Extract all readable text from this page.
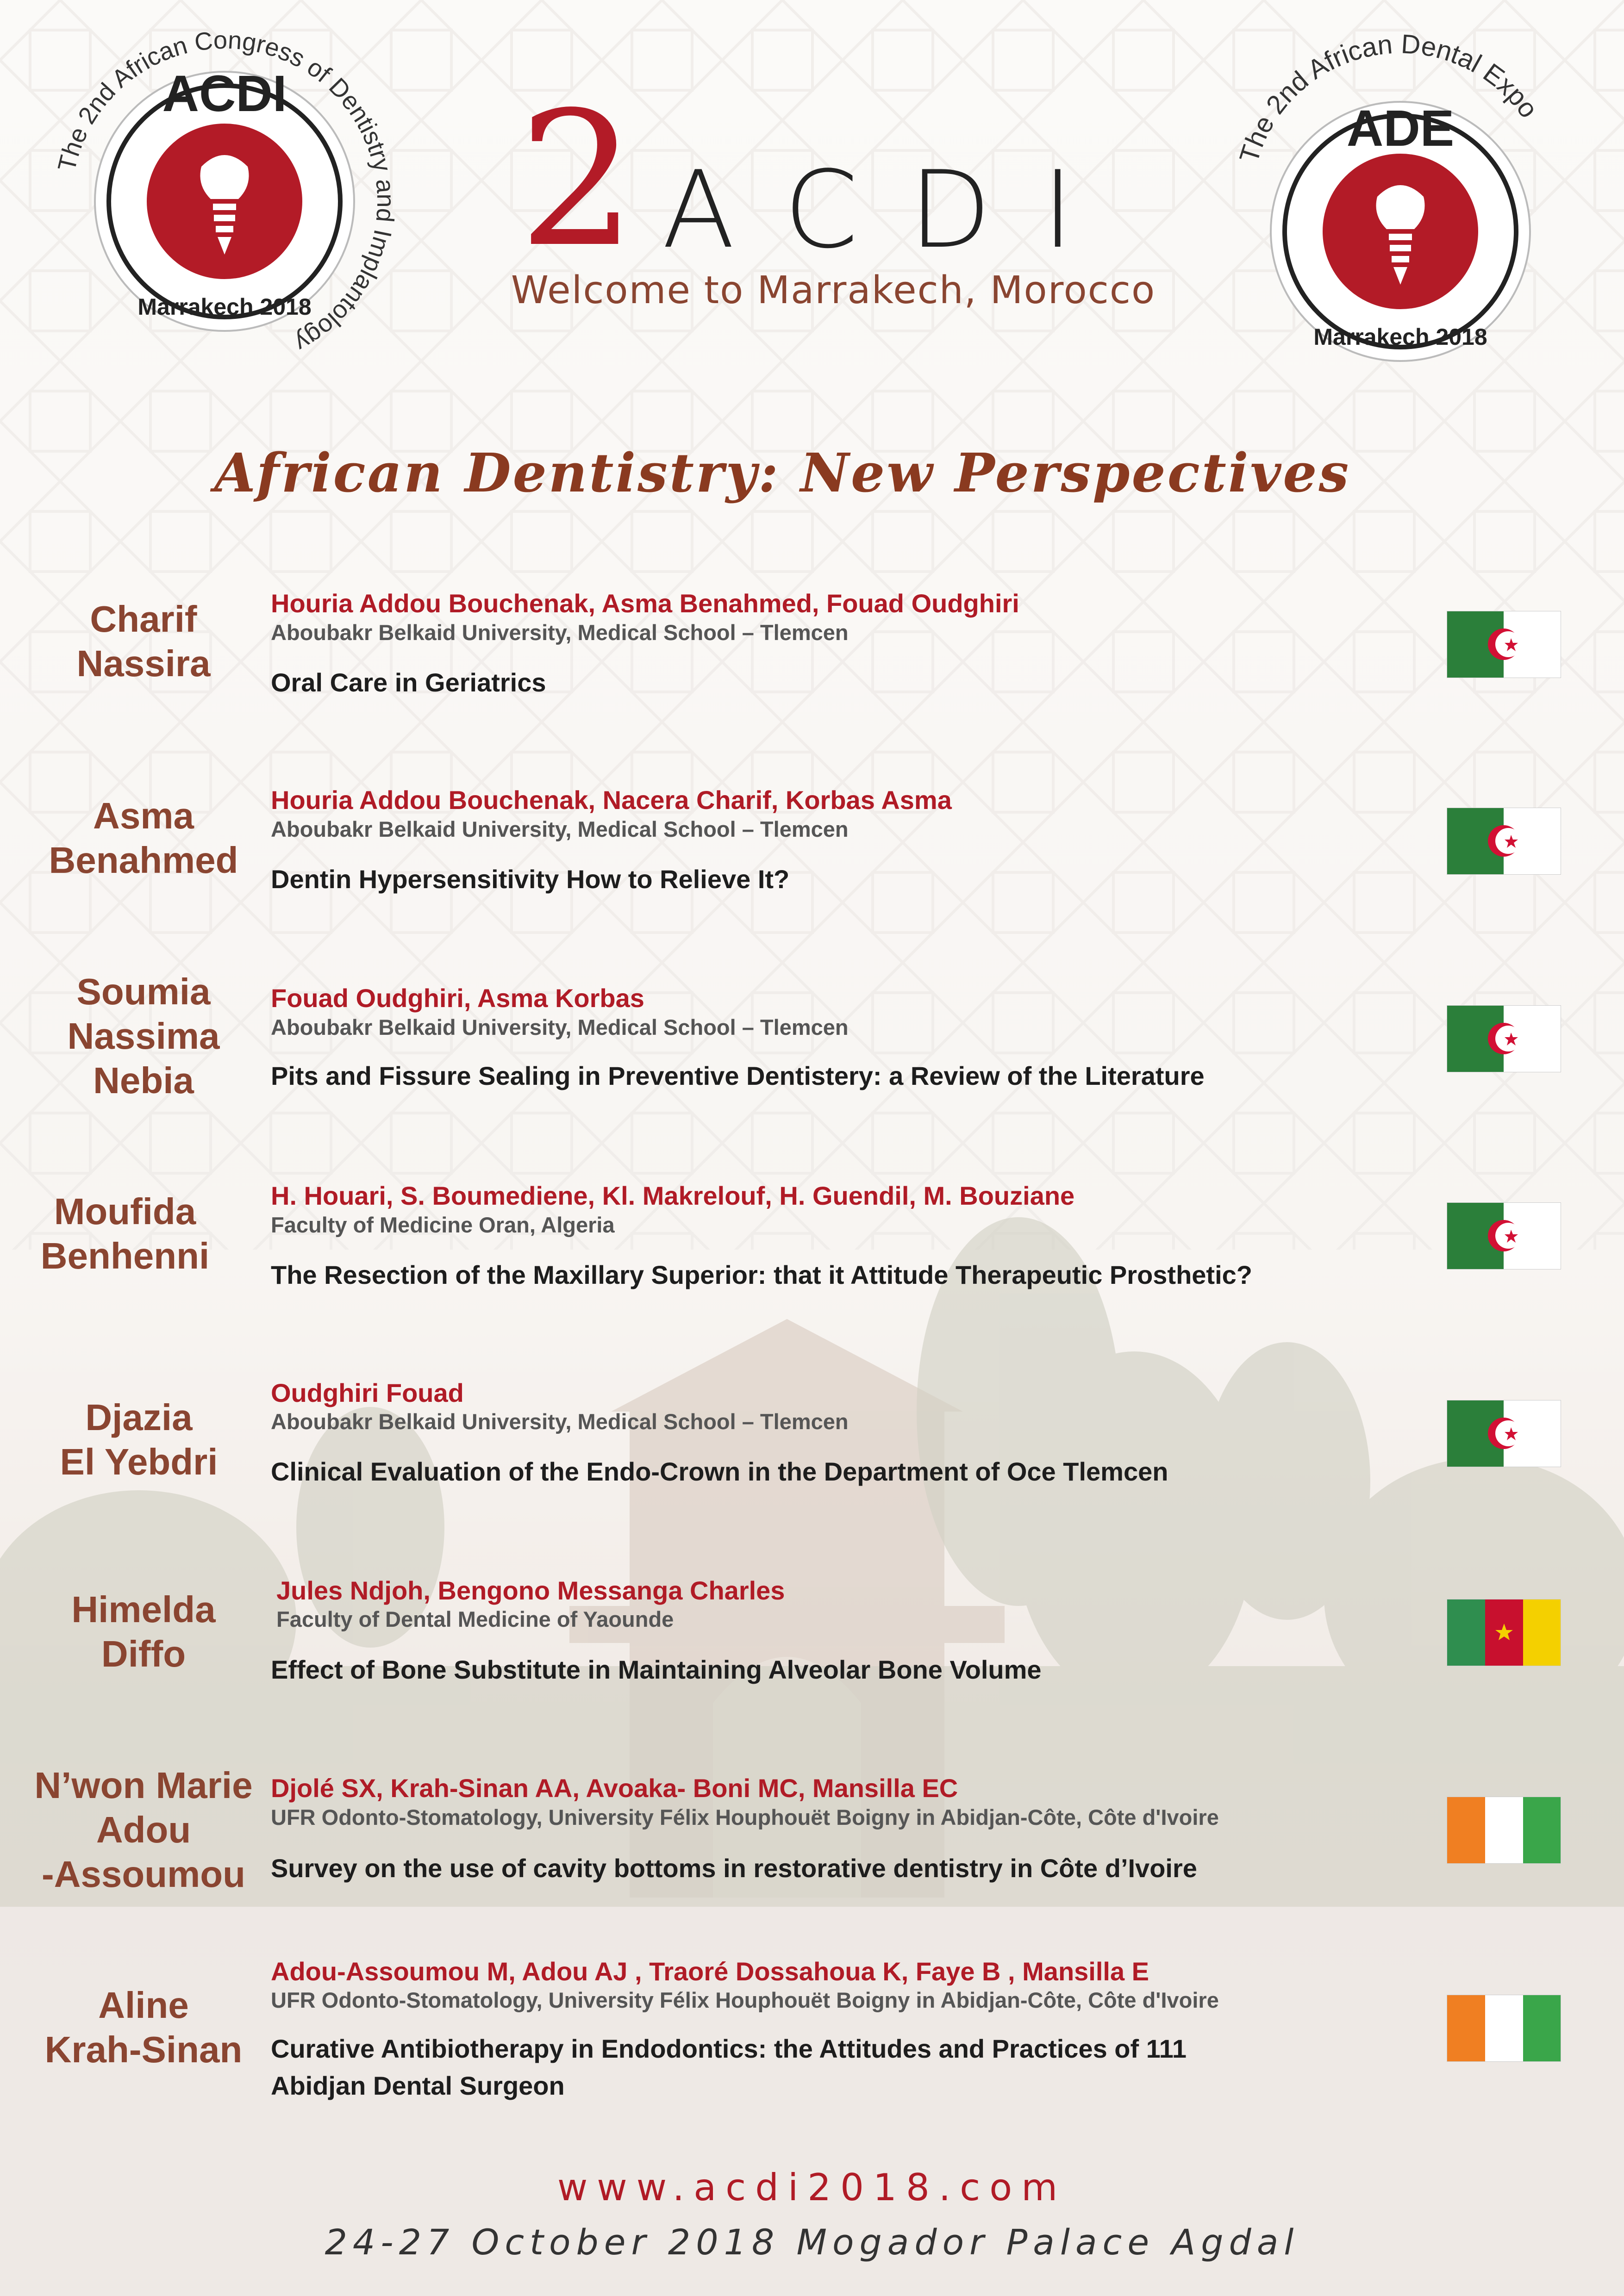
ACDI
Marrakech 2018
The 2nd African Congress of Dentistry and Implantology
2 ACDI
Welcome to Marrakech, Morocco
ADE
Marrakech 2018
The 2nd African Dental Expo
African Dentistry: New Perspectives
Charif
Nassira
Houria Addou Bouchenak, Asma Benahmed, Fouad Oudghiri
Aboubakr Belkaid University, Medical School – Tlemcen
Oral Care in Geriatrics
Asma
Benahmed
Houria Addou Bouchenak, Nacera Charif, Korbas Asma
Aboubakr Belkaid University, Medical School – Tlemcen
Dentin Hypersensitivity How to Relieve It?
Soumia
Nassima
Nebia
Fouad Oudghiri, Asma Korbas
Aboubakr Belkaid University, Medical School – Tlemcen
Pits and Fissure Sealing in Preventive Dentistery: a Review of the Literature
Moufida
Benhenni
H. Houari, S. Boumediene, Kl. Makrelouf, H. Guendil, M. Bouziane
Faculty of Medicine Oran, Algeria
The Resection of the Maxillary Superior: that it Attitude Therapeutic Prosthetic?
Djazia
El Yebdri
Oudghiri Fouad
Aboubakr Belkaid University, Medical School – Tlemcen
Clinical Evaluation of the Endo-Crown in the Department of Oce Tlemcen
Himelda
Diffo
Jules Ndjoh, Bengono Messanga Charles
Faculty of Dental Medicine of Yaounde
Effect of Bone Substitute in Maintaining Alveolar Bone Volume
N’won Marie
Adou
-Assoumou
Djolé SX, Krah-Sinan AA, Avoaka- Boni MC, Mansilla EC
UFR Odonto-Stomatology, University Félix Houphouët Boigny in Abidjan-Côte, Côte d'Ivoire
Survey on the use of cavity bottoms in restorative dentistry in Côte d’Ivoire
Aline
Krah-Sinan
Adou-Assoumou M, Adou AJ , Traoré Dossahoua K, Faye B , Mansilla E
UFR Odonto-Stomatology, University Félix Houphouët Boigny in Abidjan-Côte, Côte d'Ivoire
Curative Antibiotherapy in Endodontics: the Attitudes and Practices of 111
Abidjan Dental Surgeon
www.acdi2018.com
24-27 October 2018 Mogador Palace Agdal
